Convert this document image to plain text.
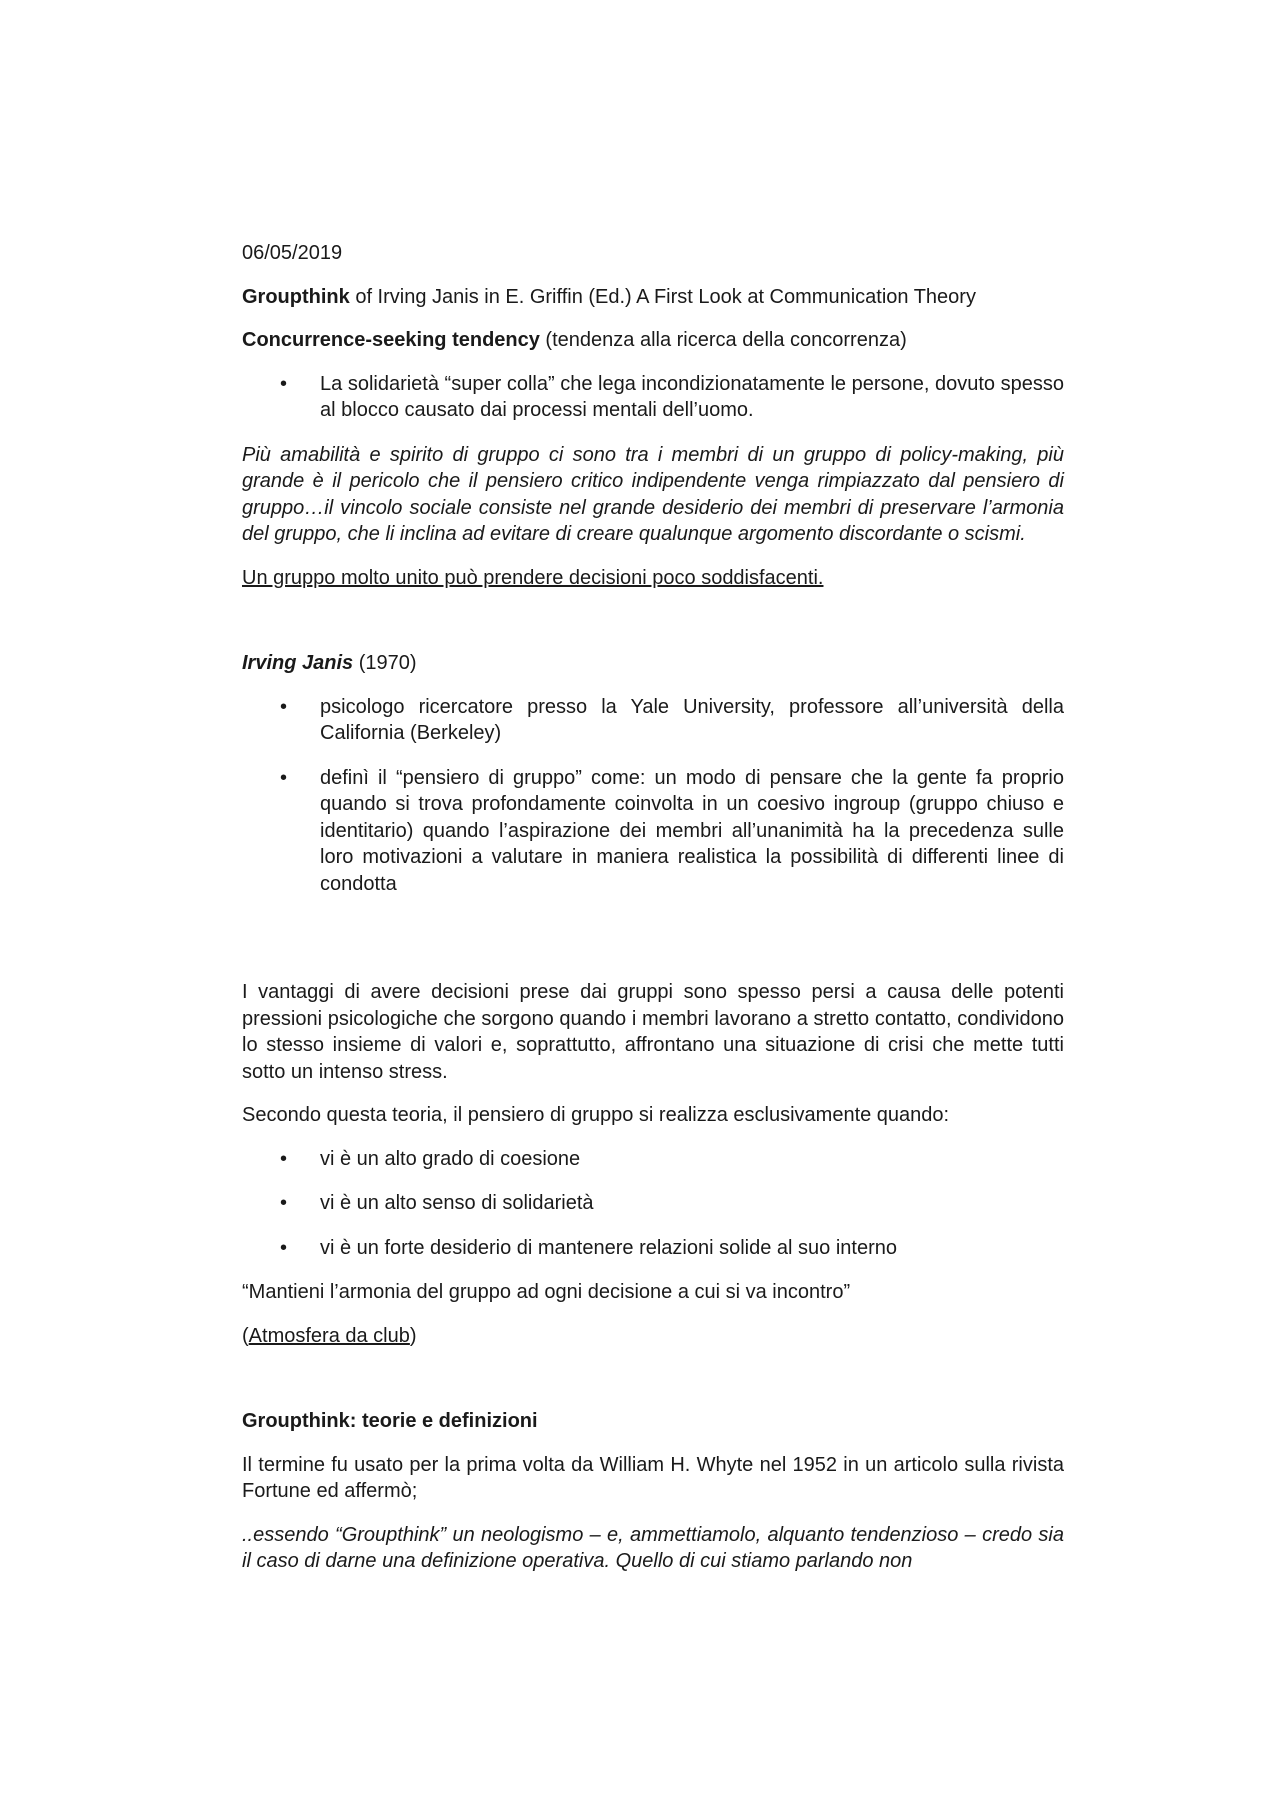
06/05/2019

Groupthink of Irving Janis in E. Griffin (Ed.) A First Look at Communication Theory

Concurrence-seeking tendency (tendenza alla ricerca della concorrenza)

• La solidarietà “super colla” che lega incondizionatamente le persone, dovuto spesso al blocco causato dai processi mentali dell’uomo.

Più amabilità e spirito di gruppo ci sono tra i membri di un gruppo di policy-making, più grande è il pericolo che il pensiero critico indipendente venga rimpiazzato dal pensiero di gruppo…il vincolo sociale consiste nel grande desiderio dei membri di preservare l’armonia del gruppo, che li inclina ad evitare di creare qualunque argomento discordante o scismi.

Un gruppo molto unito può prendere decisioni poco soddisfacenti.

Irving Janis (1970)

• psicologo ricercatore presso la Yale University, professore all’università della California (Berkeley)
• definì il “pensiero di gruppo” come: un modo di pensare che la gente fa proprio quando si trova profondamente coinvolta in un coesivo ingroup (gruppo chiuso e identitario) quando l’aspirazione dei membri all’unanimità ha la precedenza sulle loro motivazioni a valutare in maniera realistica la possibilità di differenti linee di condotta

I vantaggi di avere decisioni prese dai gruppi sono spesso persi a causa delle potenti pressioni psicologiche che sorgono quando i membri lavorano a stretto contatto, condividono lo stesso insieme di valori e, soprattutto, affrontano una situazione di crisi che mette tutti sotto un intenso stress.

Secondo questa teoria, il pensiero di gruppo si realizza esclusivamente quando:

• vi è un alto grado di coesione
• vi è un alto senso di solidarietà
• vi è un forte desiderio di mantenere relazioni solide al suo interno

“Mantieni l’armonia del gruppo ad ogni decisione a cui si va incontro”

(Atmosfera da club)

Groupthink: teorie e definizioni

Il termine fu usato per la prima volta da William H. Whyte nel 1952 in un articolo sulla rivista Fortune ed affermò;

..essendo “Groupthink” un neologismo – e, ammettiamolo, alquanto tendenzioso – credo sia il caso di darne una definizione operativa. Quello di cui stiamo parlando non
